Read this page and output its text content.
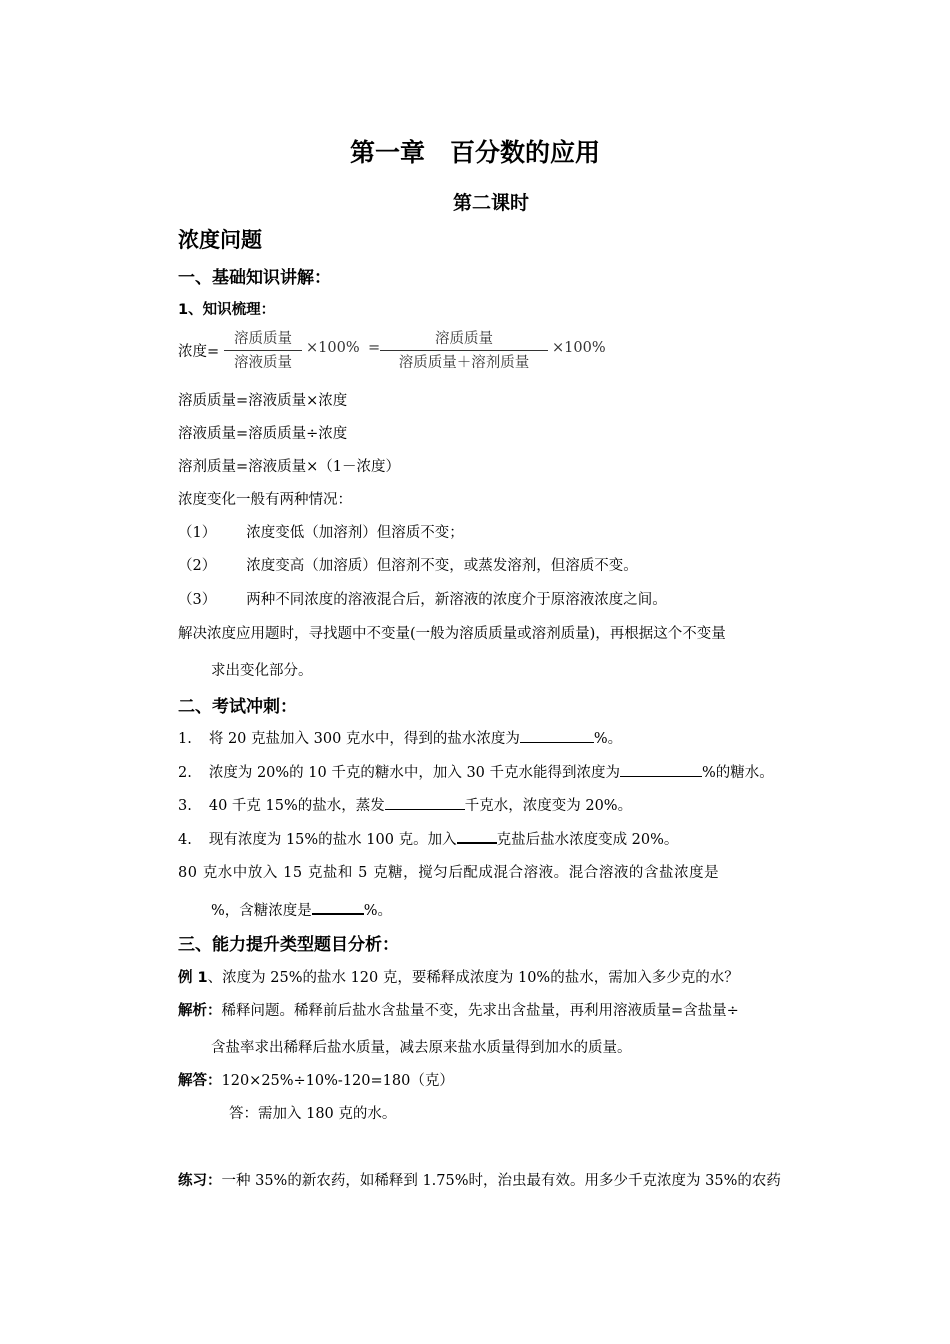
第一章　百分数的应用
第二课时
浓度问题
一、基础知识讲解：
1、知识梳理：
浓度=
溶质质量
溶液质量
×100% =
溶质质量
溶质质量＋溶剂质量
×100%
溶质质量=溶液质量×浓度
溶液质量=溶质质量÷浓度
溶剂质量=溶液质量×（1－浓度）
浓度变化一般有两种情况：
（1） 浓度变低（加溶剂）但溶质不变；
（2） 浓度变高（加溶质）但溶剂不变，或蒸发溶剂，但溶质不变。
（3） 两种不同浓度的溶液混合后，新溶液的浓度介于原溶液浓度之间。
解决浓度应用题时，寻找题中不变量(一般为溶质质量或溶剂质量)，再根据这个不变量
求出变化部分。
二、考试冲刺：
1. 将 20 克盐加入 300 克水中，得到的盐水浓度为	%。
2. 浓度为 20%的 10 千克的糖水中，加入 30 千克水能得到浓度为	%的糖水。
3. 40 千克 15%的盐水，蒸发	千克水，浓度变为 20%。
4. 现有浓度为 15%的盐水 100 克。加入	克盐后盐水浓度变成 20%。
80 克水中放入 15 克盐和 5 克糖，搅匀后配成混合溶液。混合溶液的含盐浓度是
%，含糖浓度是	%。
三、能力提升类型题目分析：
例 1、浓度为 25%的盐水 120 克，要稀释成浓度为 10%的盐水，需加入多少克的水？
解析：稀释问题。稀释前后盐水含盐量不变，先求出含盐量，再利用溶液质量=含盐量÷
含盐率求出稀释后盐水质量，减去原来盐水质量得到加水的质量。
解答：120×25%÷10%-120=180（克）
答：需加入 180 克的水。
练习：一种 35%的新农药，如稀释到 1.75%时，治虫最有效。用多少千克浓度为 35%的农药
